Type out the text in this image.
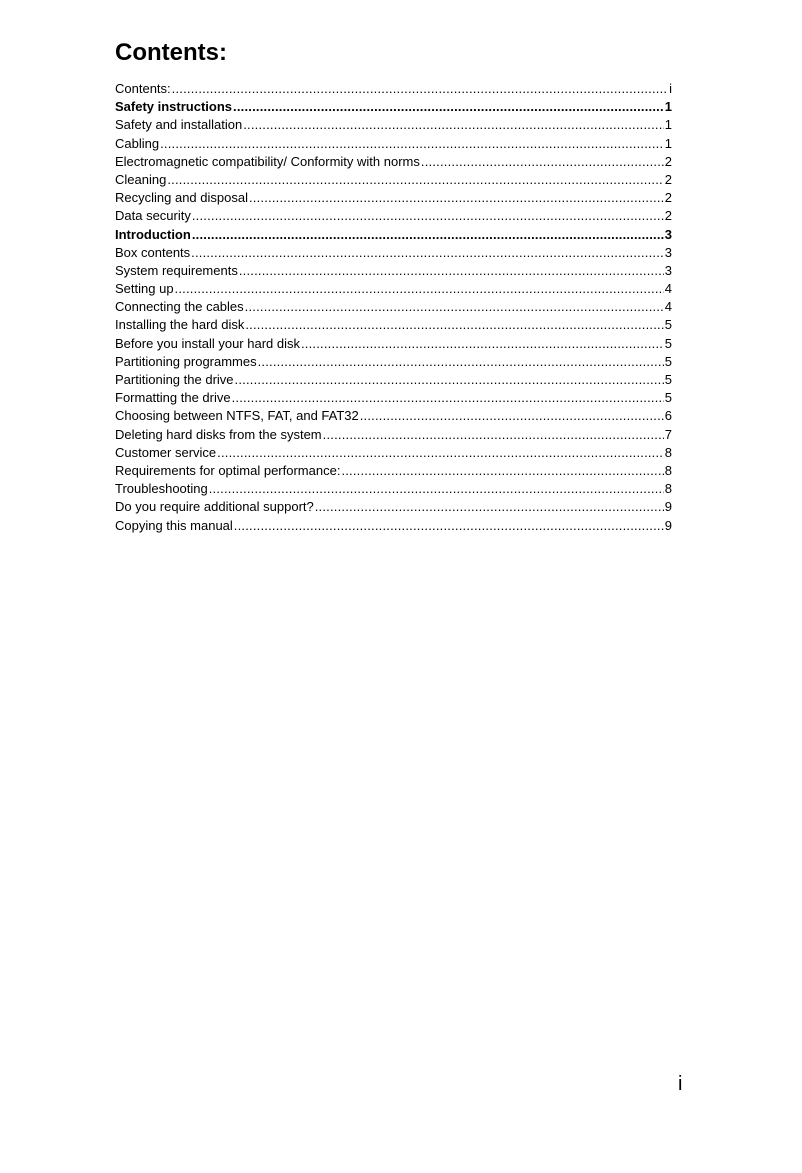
Contents:
Contents: .....	i
Safety instructions .....	1
Safety and installation .....	1
Cabling .....	1
Electromagnetic compatibility/ Conformity with norms .....	2
Cleaning .....	2
Recycling and disposal .....	2
Data security .....	2
Introduction .....	3
Box contents .....	3
System requirements .....	3
Setting up .....	4
Connecting the cables .....	4
Installing the hard disk .....	5
Before you install your hard disk .....	5
Partitioning programmes .....	5
Partitioning the drive .....	5
Formatting the drive .....	5
Choosing between NTFS, FAT, and FAT32 .....	6
Deleting hard disks from the system .....	7
Customer service .....	8
Requirements for optimal performance: .....	8
Troubleshooting .....	8
Do you require additional support? .....	9
Copying this manual .....	9
i
